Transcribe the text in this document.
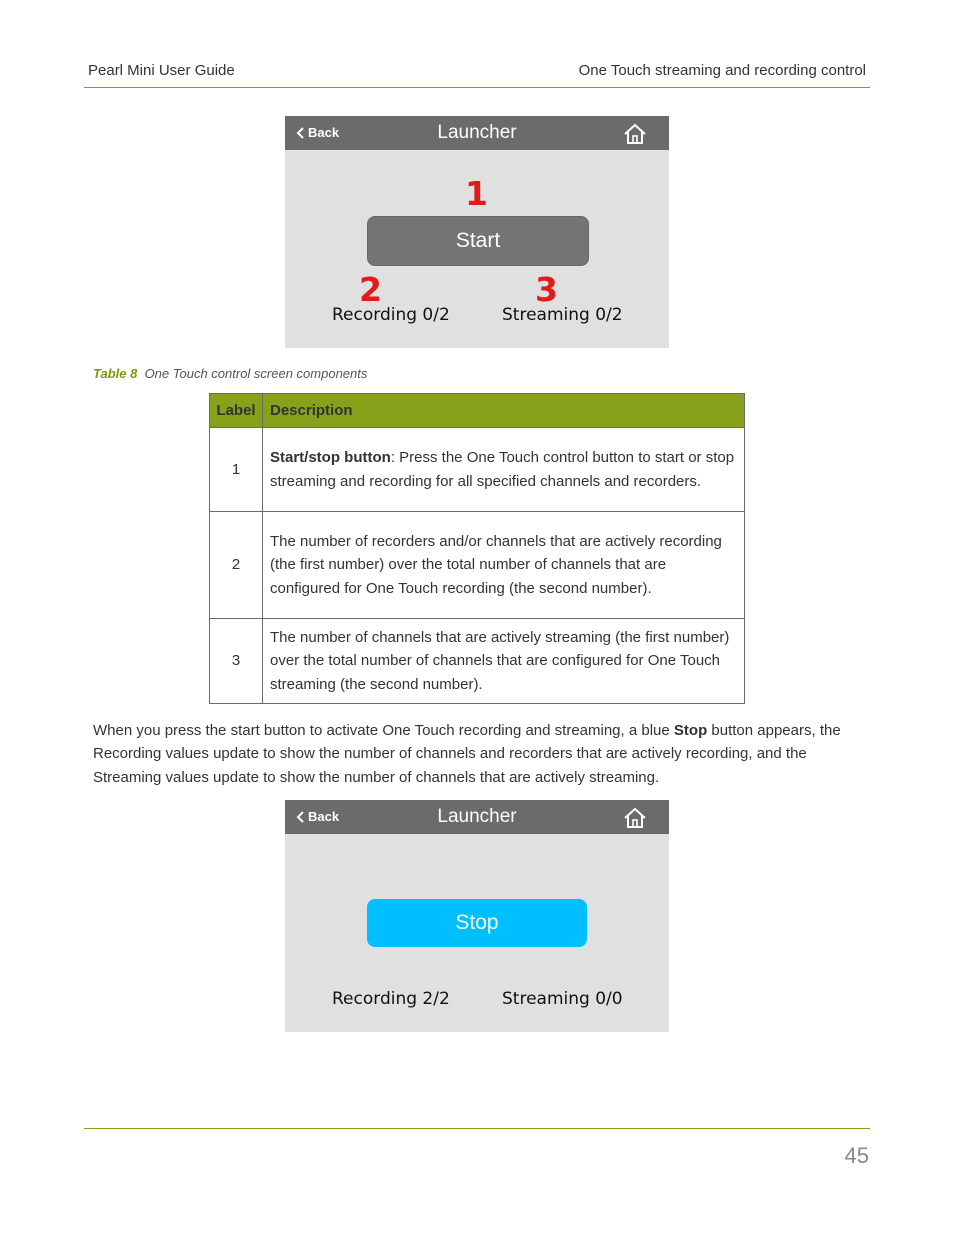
Pearl Mini User Guide	One Touch streaming and recording control
Back	Launcher
1
Start
2	3
Recording 0/2	Streaming 0/2
Table 8 One Touch control screen components
Label	Description
1	Start/stop button: Press the One Touch control button to start or stop streaming and recording for all specified channels and recorders.
2	The number of recorders and/or channels that are actively recording (the first number) over the total number of channels that are configured for One Touch recording (the second number).
3	The number of channels that are actively streaming (the first number) over the total number of channels that are configured for One Touch streaming (the second number).
When you press the start button to activate One Touch recording and streaming, a blue Stop button appears, the Recording values update to show the number of channels and recorders that are actively recording, and the Streaming values update to show the number of channels that are actively streaming.
Back	Launcher
Stop
Recording 2/2	Streaming 0/0
45
